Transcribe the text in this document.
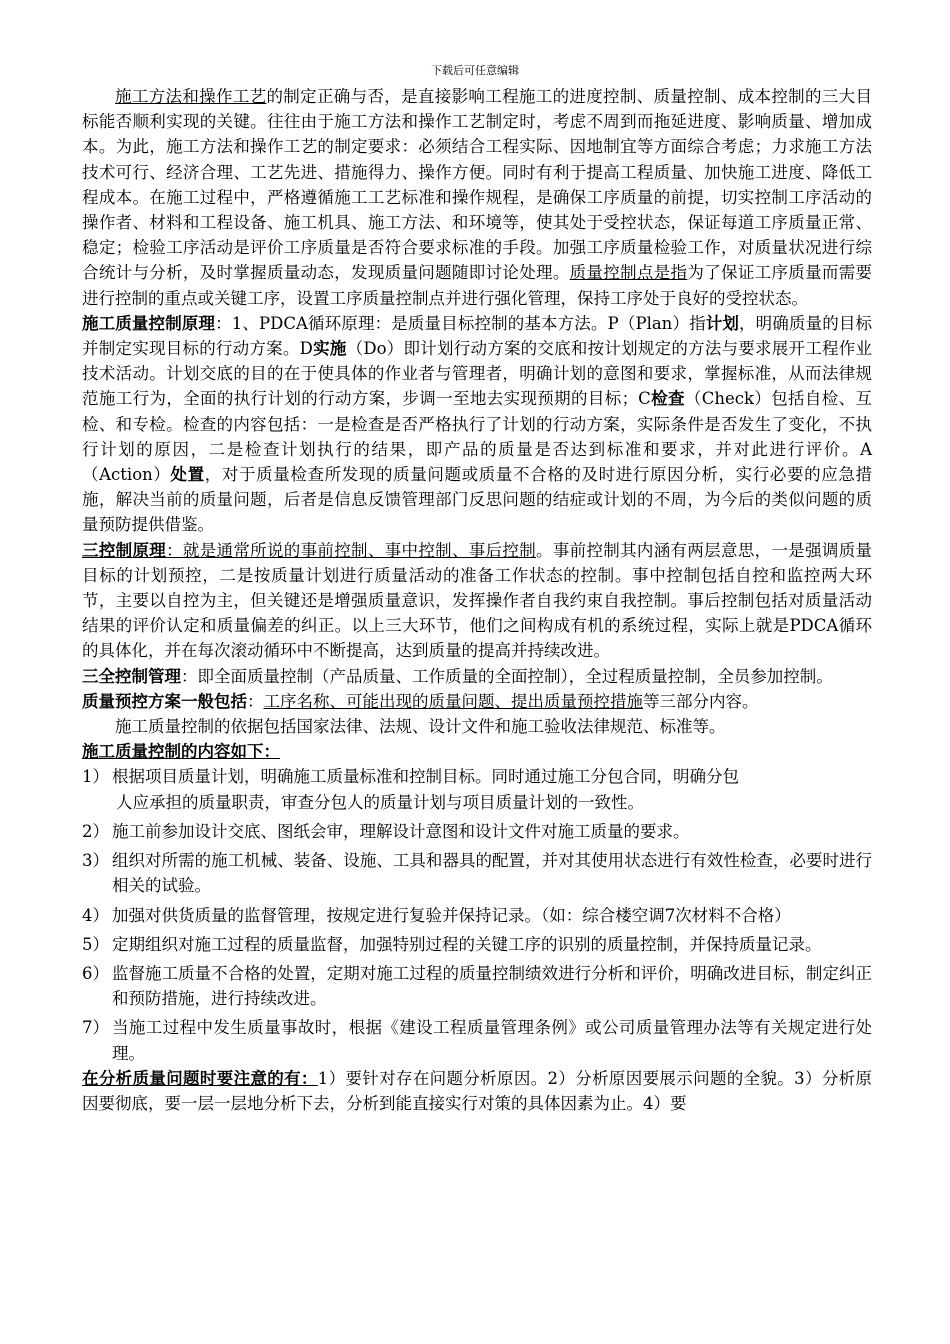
下载后可任意编辑

施工方法和操作工艺的制定正确与否，是直接影响工程施工的进度控制、质量控制、成本控制的三大目标能否顺利实现的关键。往往由于施工方法和操作工艺制定时，考虑不周到而拖延进度、影响质量、增加成本。为此，施工方法和操作工艺的制定要求：必须结合工程实际、因地制宜等方面综合考虑；力求施工方法技术可行、经济合理、工艺先进、措施得力、操作方便。同时有利于提高工程质量、加快施工进度、降低工程成本。在施工过程中，严格遵循施工工艺标准和操作规程，是确保工序质量的前提，切实控制工序活动的操作者、材料和工程设备、施工机具、施工方法、和环境等，使其处于受控状态，保证每道工序质量正常、稳定；检验工序活动是评价工序质量是否符合要求标准的手段。加强工序质量检验工作，对质量状况进行综合统计与分析，及时掌握质量动态，发现质量问题随即讨论处理。质量控制点是指为了保证工序质量而需要进行控制的重点或关键工序，设置工序质量控制点并进行强化管理，保持工序处于良好的受控状态。

施工质量控制原理：1、PDCA循环原理：是质量目标控制的基本方法。P（Plan）指计划，明确质量的目标并制定实现目标的行动方案。D实施（Do）即计划行动方案的交底和按计划规定的方法与要求展开工程作业技术活动。计划交底的目的在于使具体的作业者与管理者，明确计划的意图和要求，掌握标准，从而法律规范施工行为，全面的执行计划的行动方案，步调一至地去实现预期的目标；C检查（Check）包括自检、互检、和专检。检查的内容包括：一是检查是否严格执行了计划的行动方案，实际条件是否发生了变化，不执行计划的原因，二是检查计划执行的结果，即产品的质量是否达到标准和要求，并对此进行评价。A（Action）处置，对于质量检查所发现的质量问题或质量不合格的及时进行原因分析，实行必要的应急措施，解决当前的质量问题，后者是信息反馈管理部门反思问题的结症或计划的不周，为今后的类似问题的质量预防提供借鉴。

三控制原理：就是通常所说的事前控制、事中控制、事后控制。事前控制其内涵有两层意思，一是强调质量目标的计划预控，二是按质量计划进行质量活动的准备工作状态的控制。事中控制包括自控和监控两大环节，主要以自控为主，但关键还是增强质量意识，发挥操作者自我约束自我控制。事后控制包括对质量活动结果的评价认定和质量偏差的纠正。以上三大环节，他们之间构成有机的系统过程，实际上就是PDCA循环的具体化，并在每次滚动循环中不断提高，达到质量的提高并持续改进。

三全控制管理：即全面质量控制（产品质量、工作质量的全面控制），全过程质量控制，全员参加控制。

质量预控方案一般包括：工序名称、可能出现的质量问题、提出质量预控措施等三部分内容。

施工质量控制的依据包括国家法律、法规、设计文件和施工验收法律规范、标准等。

施工质量控制的内容如下：

1） 根据项目质量计划，明确施工质量标准和控制目标。同时通过施工分包合同，明确分包
人应承担的质量职责，审查分包人的质量计划与项目质量计划的一致性。
2） 施工前参加设计交底、图纸会审，理解设计意图和设计文件对施工质量的要求。
3） 组织对所需的施工机械、装备、设施、工具和器具的配置，并对其使用状态进行有效性检查，必要时进行相关的试验。
4） 加强对供货质量的监督管理，按规定进行复验并保持记录。（如：综合楼空调7次材料不合格）
5） 定期组织对施工过程的质量监督，加强特别过程的关键工序的识别的质量控制，并保持质量记录。
6） 监督施工质量不合格的处置，定期对施工过程的质量控制绩效进行分析和评价，明确改进目标，制定纠正和预防措施，进行持续改进。
7） 当施工过程中发生质量事故时，根据《建设工程质量管理条例》或公司质量管理办法等有关规定进行处理。

在分析质量问题时要注意的有：1）要针对存在问题分析原因。2）分析原因要展示问题的全貌。3）分析原因要彻底，要一层一层地分析下去，分析到能直接实行对策的具体因素为止。4）要
